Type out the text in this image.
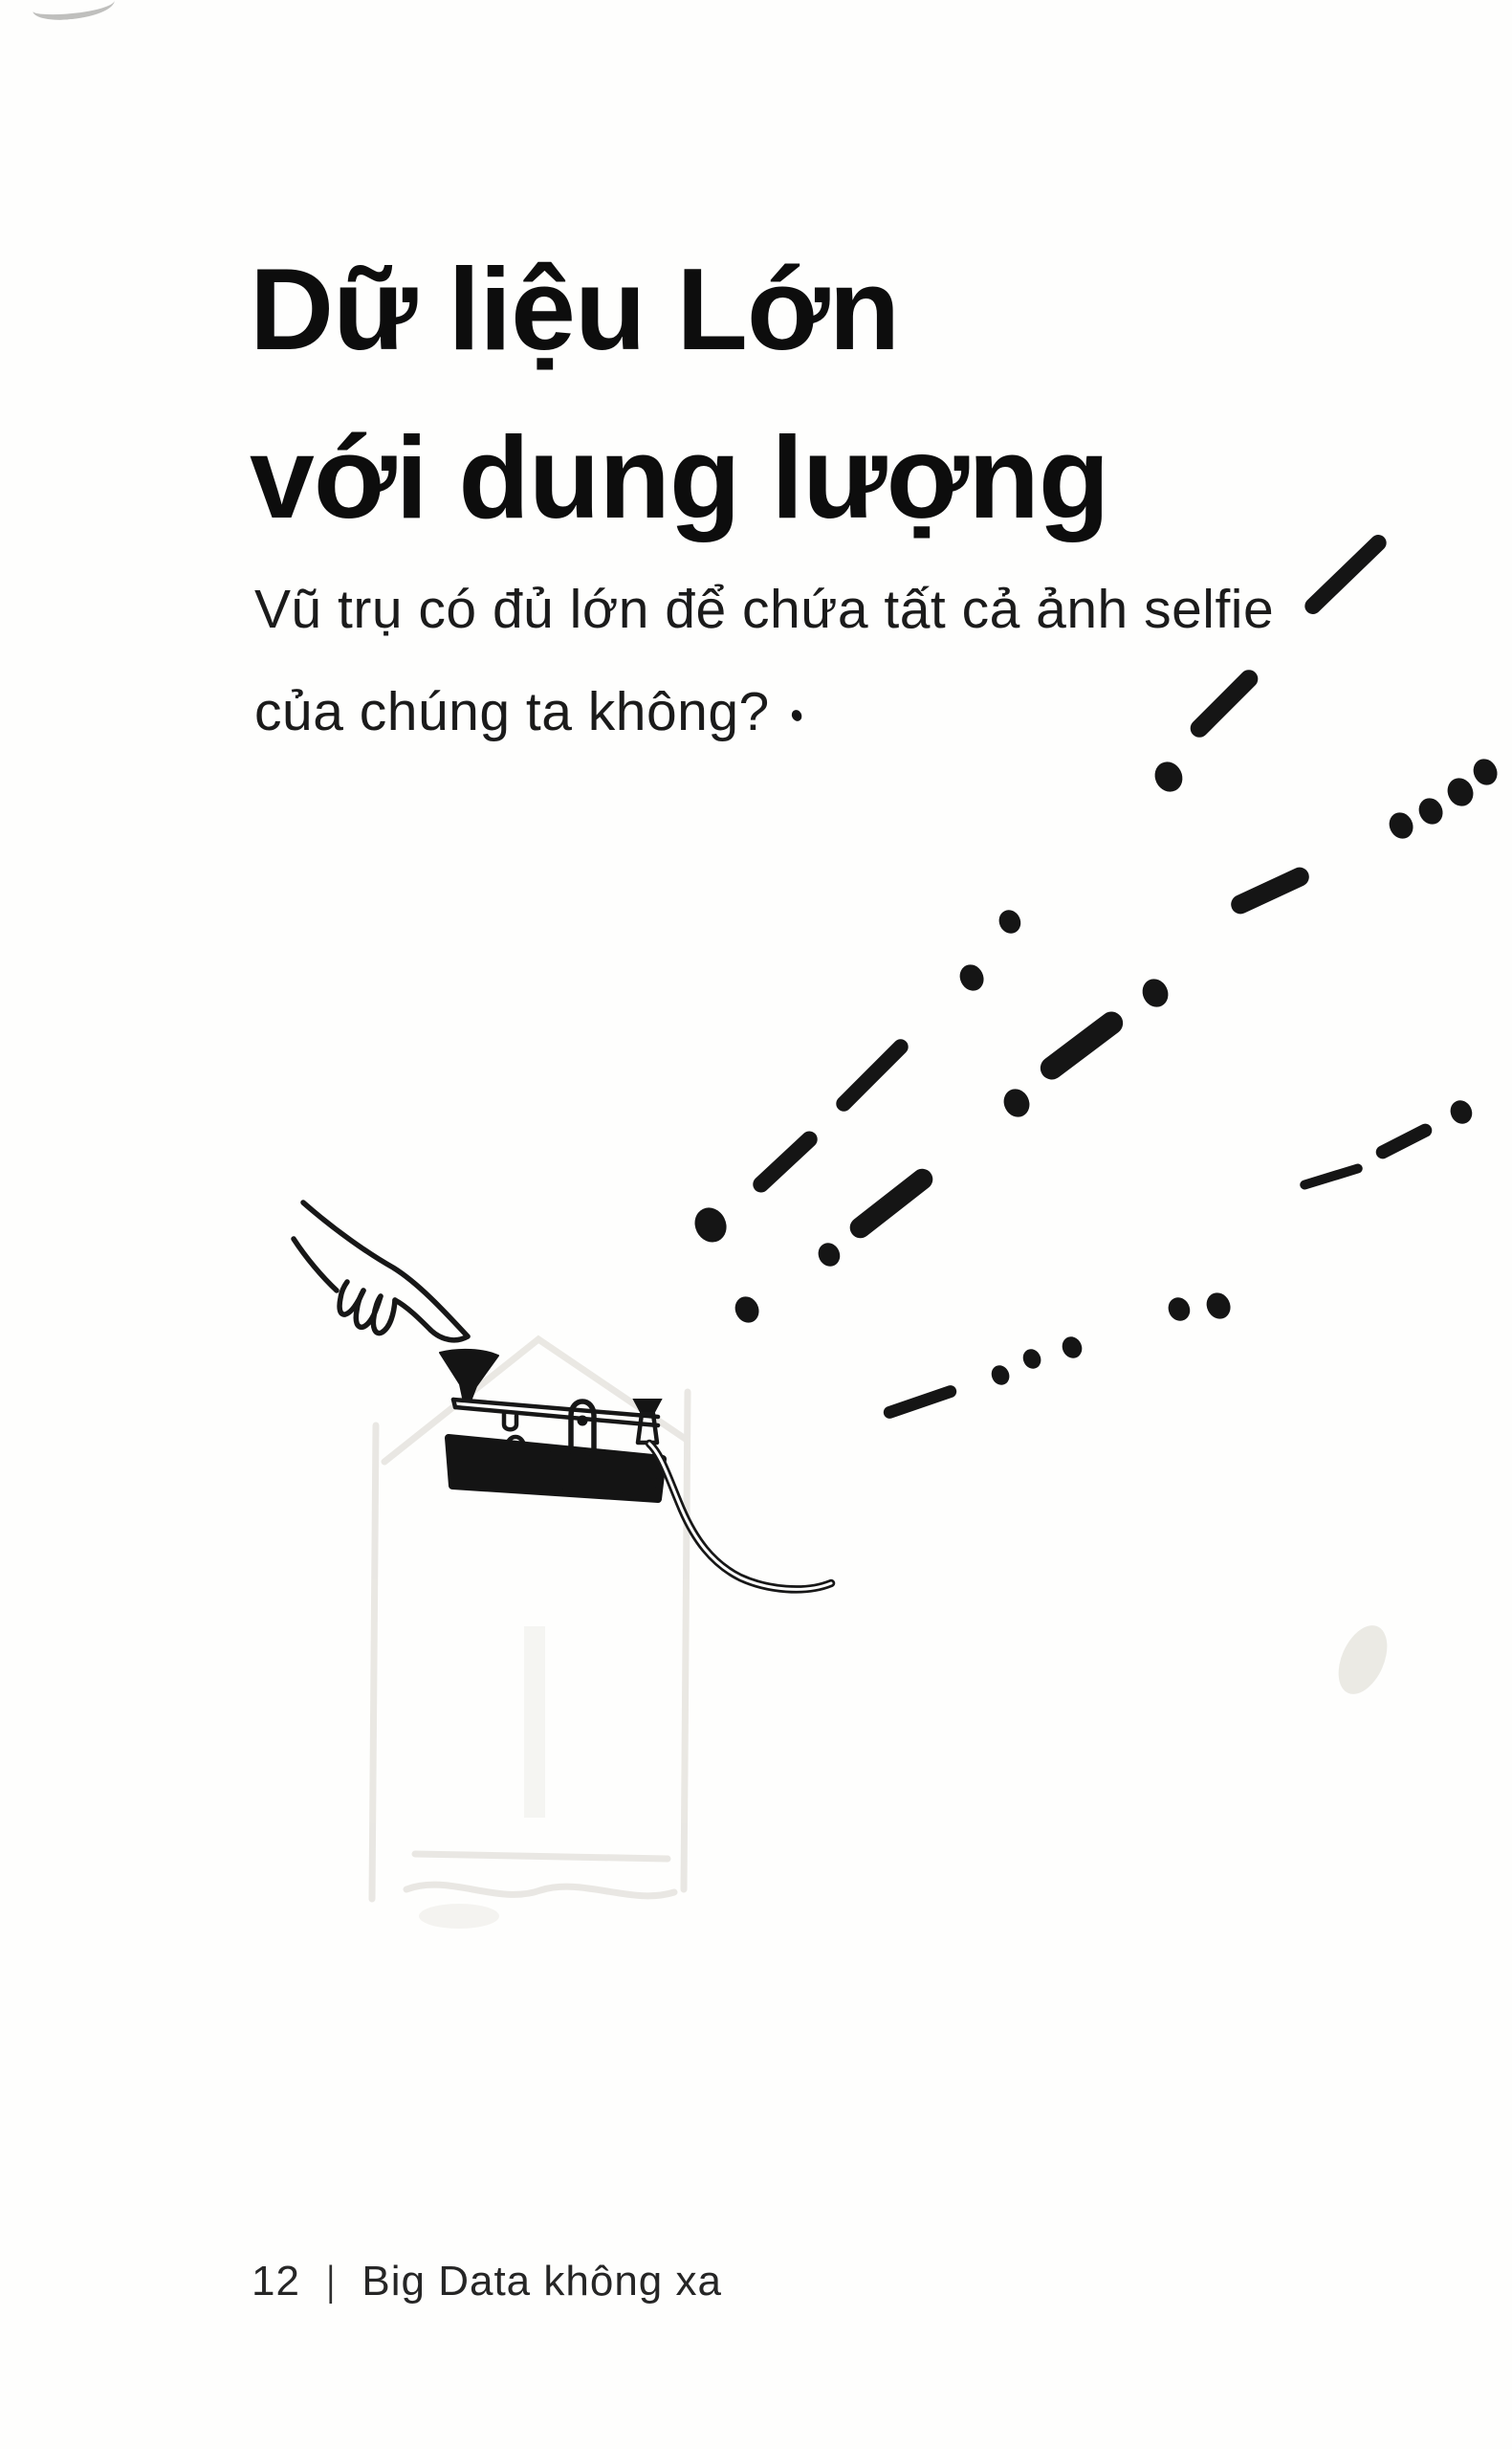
Dữ liệu Lớn
với dung lượng
Vũ trụ có đủ lớn để chứa tất cả ảnh selfie
của chúng ta không?
12 | Big Data không xa
